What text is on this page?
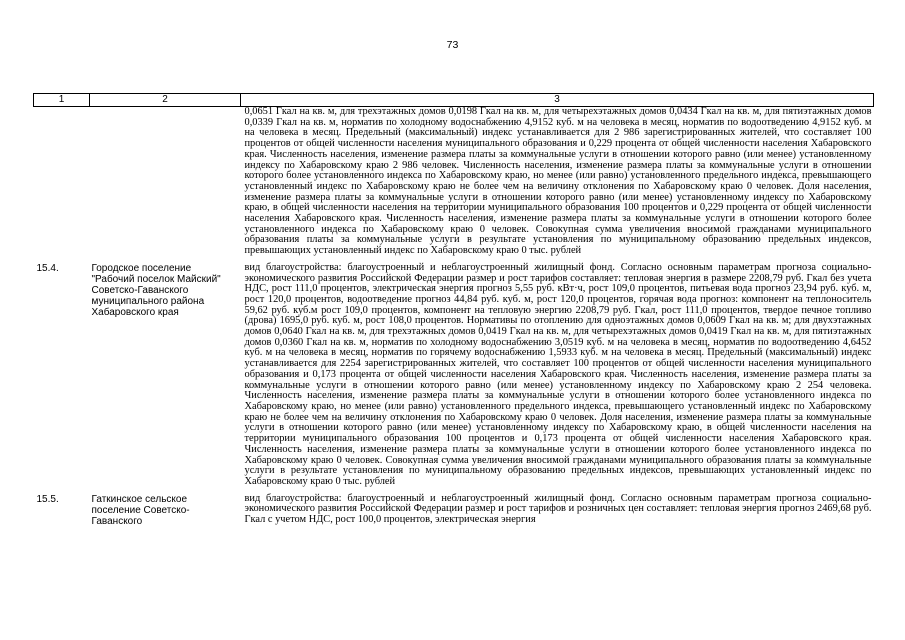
73
1	2	3
		0,0651 Гкал на кв. м, для трехэтажных домов 0,0198 Гкал на кв. м, для четырехэтажных домов 0,0434 Гкал на кв. м, для пятиэтажных домов 0,0339 Гкал на кв. м, норматив по холодному водоснабжению 4,9152 куб. м на человека в месяц, норматив по водоотведению 4,9152 куб. м на человека в месяц. Предельный (максимальный) индекс устанавливается для 2 986 зарегистрированных жителей, что составляет 100 процентов от общей численности населения муниципального образования и 0,229 процента от общей численности населения Хабаровского края. Численность населения, изменение размера платы за коммунальные услуги в отношении которого равно (или менее) установленному индексу по Хабаровскому краю 2 986 человек. Численность населения, изменение размера платы за коммунальные услуги в отношении которого более установленного индекса по Хабаровскому краю, но менее (или равно) установленного предельного индекса, превышающего установленный индекс по Хабаровскому краю не более чем на величину отклонения по Хабаровскому краю 0 человек. Доля населения, изменение размера платы за коммунальные услуги в отношении которого равно (или менее) установленному индексу по Хабаровскому краю, в общей численности населения на территории муниципального образования 100 процентов и 0,229 процента от общей численности населения Хабаровского края. Численность населения, изменение размера платы за коммунальные услуги в отношении которого более установленного индекса по Хабаровскому краю 0 человек. Совокупная сумма увеличения вносимой гражданами муниципального образования платы за коммунальные услуги в результате установления по муниципальному образованию предельных индексов, превышающих установленный индекс по Хабаровскому краю 0 тыс. рублей
15.4.	Городское поселение "Рабочий поселок Майский" Советско-Гаванского муниципального района Хабаровского края	вид благоустройства: благоустроенный и неблагоустроенный жилищный фонд. Согласно основным параметрам прогноза социально-экономического развития Российской Федерации размер и рост тарифов составляет: тепловая энергия в размере 2208,79 руб. Гкал без учета НДС, рост 111,0 процентов, электрическая энергия прогноз 5,55 руб. кВт·ч, рост 109,0 процентов, питьевая вода прогноз 23,94 руб. куб. м, рост 120,0 процентов, водоотведение прогноз 44,84 руб. куб. м, рост 120,0 процентов, горячая вода прогноз: компонент на теплоноситель 59,62 руб. куб.м рост 109,0 процентов, компонент на тепловую энергию 2208,79 руб. Гкал, рост 111,0 процентов, твердое печное топливо (дрова) 1695,0 руб. куб. м, рост 108,0 процентов. Нормативы по отоплению для одноэтажных домов 0,0609 Гкал на кв. м; для двухэтажных домов 0,0640 Гкал на кв. м, для трехэтажных домов 0,0419 Гкал на кв. м, для четырехэтажных домов 0,0419 Гкал на кв. м, для пятиэтажных домов 0,0360 Гкал на кв. м, норматив по холодному водоснабжению 3,0519 куб. м на человека в месяц, норматив по водоотведению 4,6452 куб. м на человека в месяц, норматив по горячему водоснабжению 1,5933 куб. м на человека в месяц. Предельный (максимальный) индекс устанавливается для 2254 зарегистрированных жителей, что составляет 100 процентов от общей численности населения муниципального образования и 0,173 процента от общей численности населения Хабаровского края. Численность населения, изменение размера платы за коммунальные услуги в отношении которого равно (или менее) установленному индексу по Хабаровскому краю 2 254 человека. Численность населения, изменение размера платы за коммунальные услуги в отношении которого более установленного индекса по Хабаровскому краю, но менее (или равно) установленного предельного индекса, превышающего установленный индекс по Хабаровскому краю не более чем на величину отклонения по Хабаровскому краю 0 человек. Доля населения, изменение размера платы за коммунальные услуги в отношении которого равно (или менее) установленному индексу по Хабаровскому краю, в общей численности населения на территории муниципального образования 100 процентов и 0,173 процента от общей численности населения Хабаровского края. Численность населения, изменение размера платы за коммунальные услуги в отношении которого более установленного индекса по Хабаровскому краю 0 человек. Совокупная сумма увеличения вносимой гражданами муниципального образования платы за коммунальные услуги в результате установления по муниципальному образованию предельных индексов, превышающих установленный индекс по Хабаровскому краю 0 тыс. рублей
15.5.	Гаткинское сельское поселение Советско-Гаванского	вид благоустройства: благоустроенный и неблагоустроенный жилищный фонд. Согласно основным параметрам прогноза социально-экономического развития Российской Федерации размер и рост тарифов и розничных цен составляет: тепловая энергия прогноз 2469,68 руб. Гкал с учетом НДС, рост 100,0 процентов, электрическая энергия
